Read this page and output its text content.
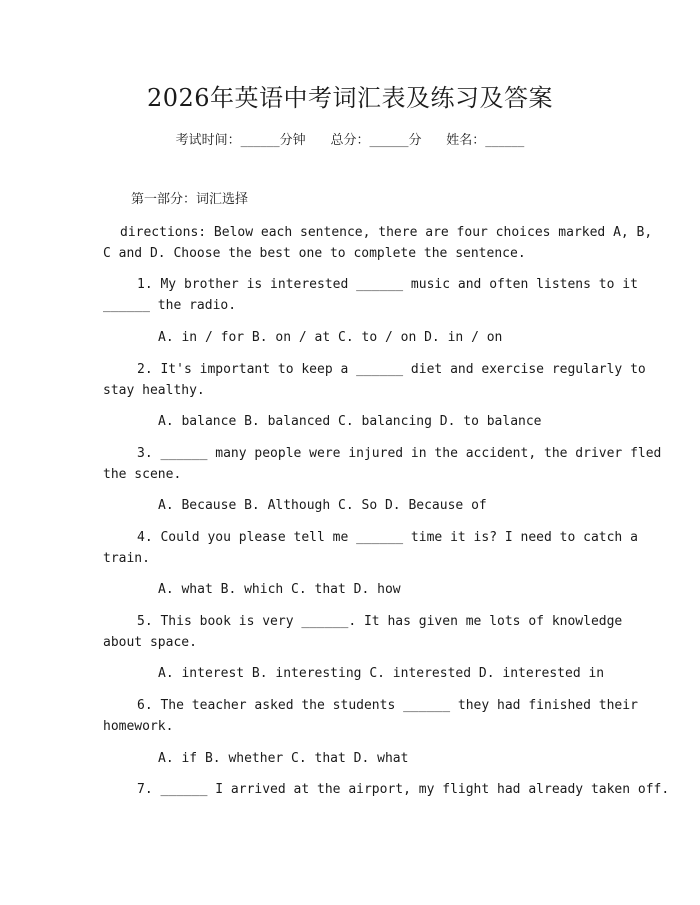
2026年英语中考词汇表及练习及答案
考试时间：______分钟 总分：______分 姓名：______
第一部分：词汇选择
directions: Below each sentence, there are four choices marked A, B,
C and D. Choose the best one to complete the sentence.
1. My brother is interested ______ music and often listens to it
______ the radio.
A. in / for B. on / at C. to / on D. in / on
2. It's important to keep a ______ diet and exercise regularly to
stay healthy.
A. balance B. balanced C. balancing D. to balance
3. ______ many people were injured in the accident, the driver fled
the scene.
A. Because B. Although C. So D. Because of
4. Could you please tell me ______ time it is? I need to catch a
train.
A. what B. which C. that D. how
5. This book is very ______. It has given me lots of knowledge
about space.
A. interest B. interesting C. interested D. interested in
6. The teacher asked the students ______ they had finished their
homework.
A. if B. whether C. that D. what
7. ______ I arrived at the airport, my flight had already taken off.
